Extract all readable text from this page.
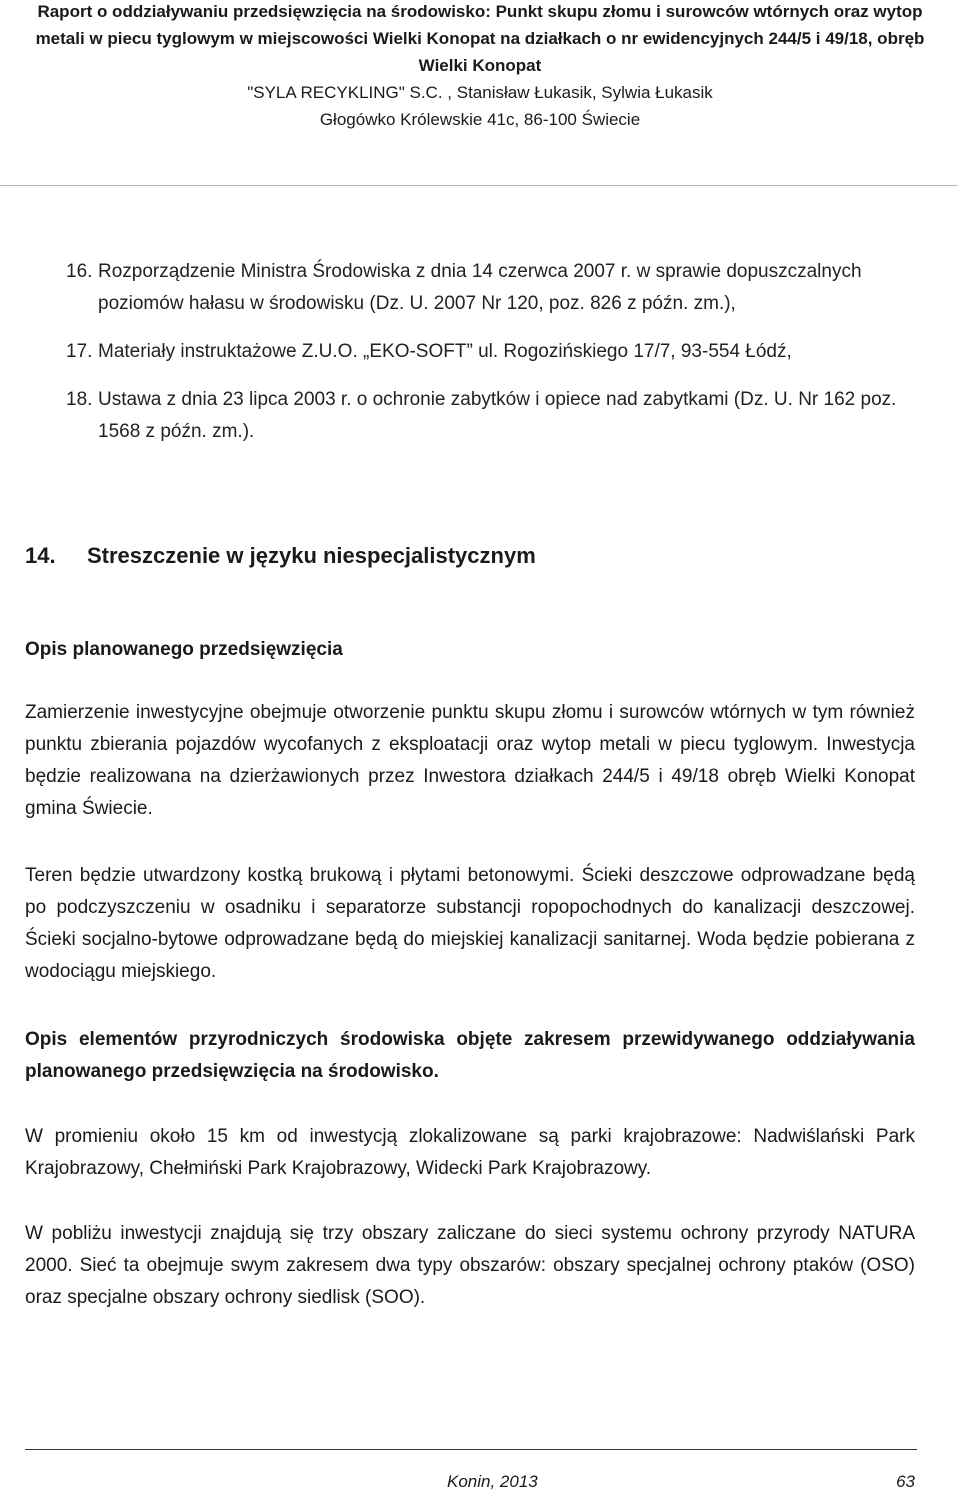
Raport o oddziaływaniu przedsięwzięcia na środowisko: Punkt skupu złomu i surowców wtórnych oraz wytop
metali w piecu tyglowym w miejscowości Wielki Konopat na działkach o nr ewidencyjnych 244/5 i 49/18, obręb
Wielki Konopat
"SYLA RECYKLING" S.C. , Stanisław Łukasik, Sylwia Łukasik
Głogówko Królewskie 41c, 86-100 Świecie
16. Rozporządzenie Ministra Środowiska z dnia 14 czerwca 2007 r. w sprawie dopuszczalnych poziomów hałasu w środowisku (Dz. U. 2007 Nr 120, poz. 826 z późn. zm.),
17. Materiały instruktażowe Z.U.O. „EKO-SOFT” ul. Rogozińskiego 17/7, 93-554 Łódź,
18. Ustawa z dnia 23 lipca 2003 r. o ochronie zabytków i opiece nad zabytkami (Dz. U. Nr 162 poz. 1568 z późn. zm.).
14. Streszczenie w języku niespecjalistycznym
Opis planowanego przedsięwzięcia
Zamierzenie inwestycyjne obejmuje otworzenie punktu skupu złomu i surowców wtórnych w tym również punktu zbierania pojazdów wycofanych z eksploatacji oraz wytop metali w piecu tyglowym. Inwestycja będzie realizowana na dzierżawionych przez Inwestora działkach 244/5 i 49/18 obręb Wielki Konopat gmina Świecie.
Teren będzie utwardzony kostką brukową i płytami betonowymi. Ścieki deszczowe odprowadzane będą po podczyszczeniu w osadniku i separatorze substancji ropopochodnych do kanalizacji deszczowej. Ścieki socjalno-bytowe odprowadzane będą do miejskiej kanalizacji sanitarnej. Woda będzie pobierana z wodociągu miejskiego.
Opis elementów przyrodniczych środowiska objęte zakresem przewidywanego oddziaływania planowanego przedsięwzięcia na środowisko.
W promieniu około 15 km od inwestycją zlokalizowane są parki krajobrazowe: Nadwiślański Park Krajobrazowy, Chełmiński Park Krajobrazowy, Widecki Park Krajobrazowy.
W pobliżu inwestycji znajdują się trzy obszary zaliczane do sieci systemu ochrony przyrody NATURA 2000. Sieć ta obejmuje swym zakresem dwa typy obszarów: obszary specjalnej ochrony ptaków (OSO) oraz specjalne obszary ochrony siedlisk (SOO).
Konin, 2013	63
